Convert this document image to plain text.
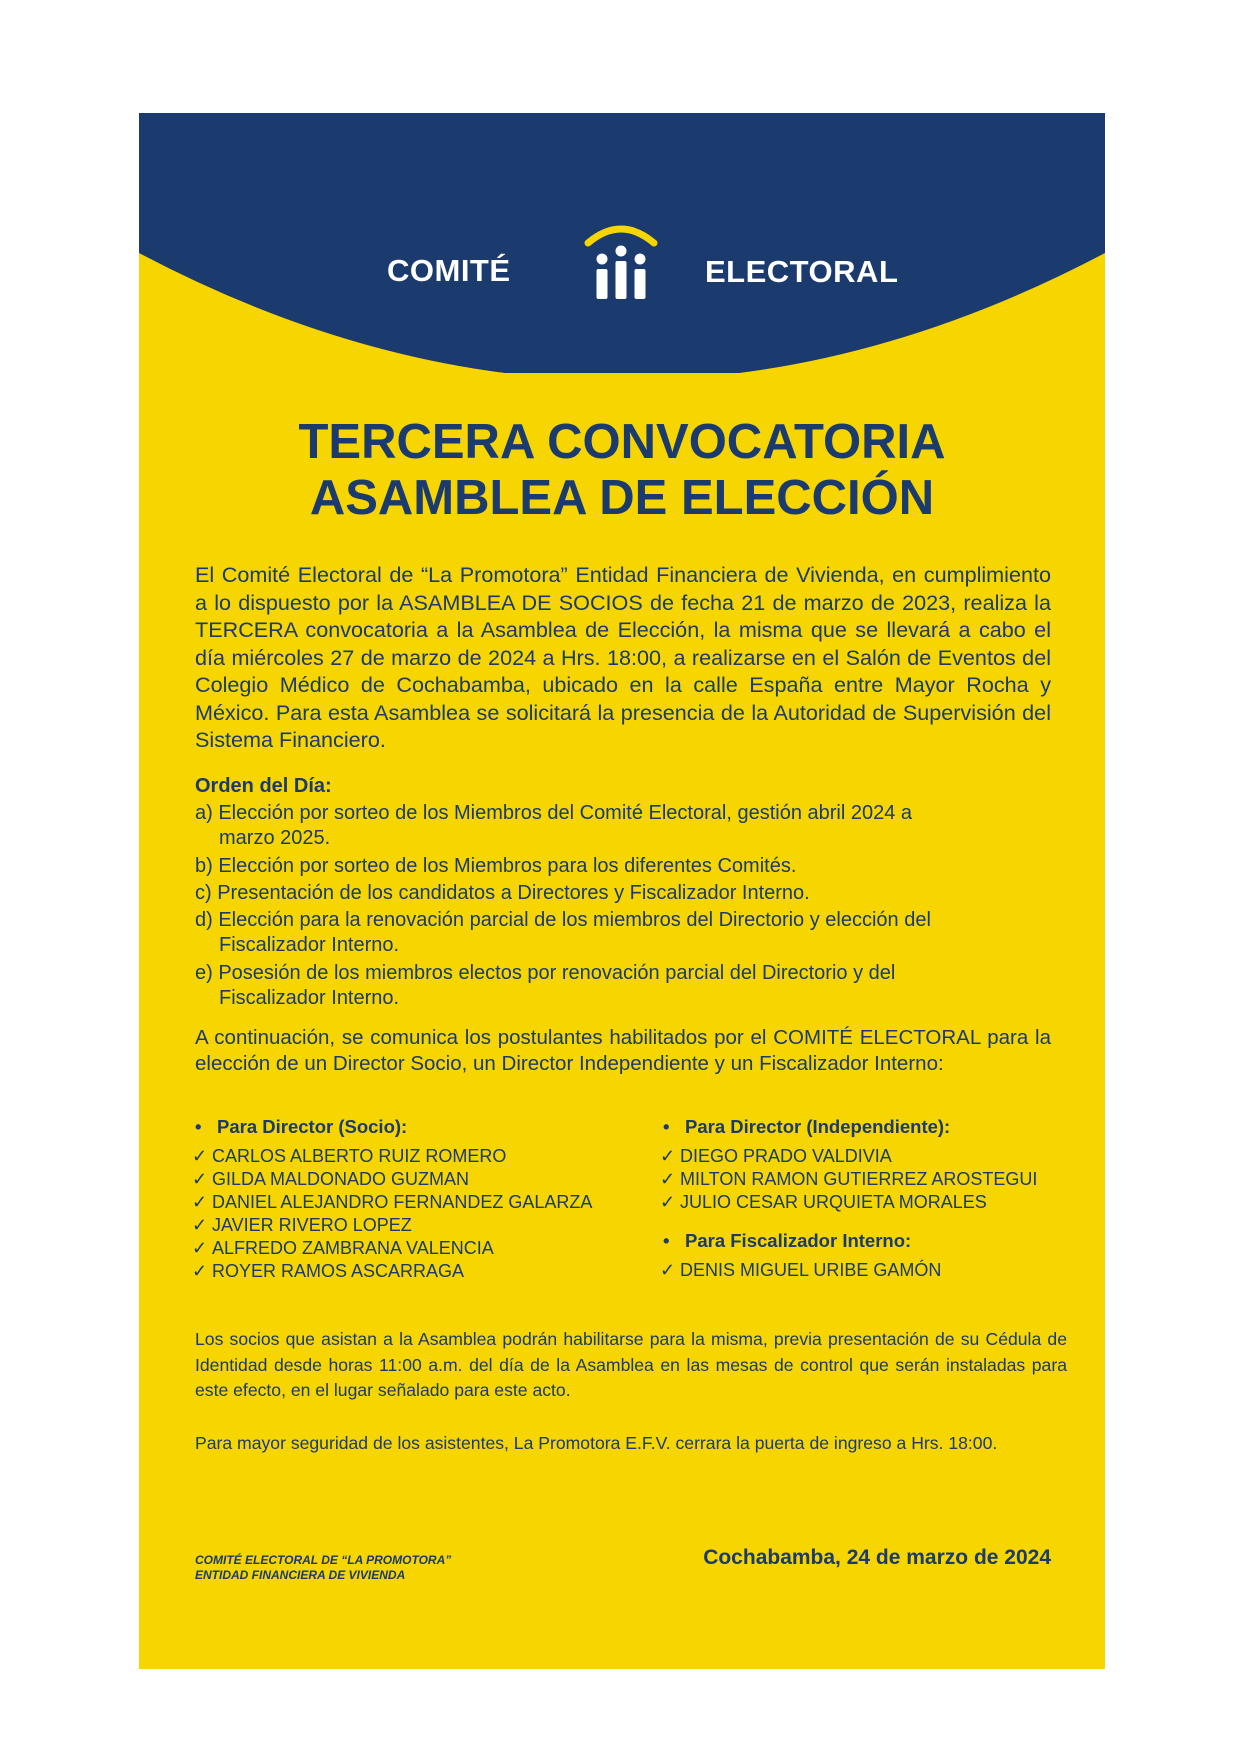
COMITÉ	ELECTORAL
TERCERA CONVOCATORIA
ASAMBLEA DE ELECCIÓN
El Comité Electoral de “La Promotora” Entidad Financiera de Vivienda, en cumplimiento a lo dispuesto por la ASAMBLEA DE SOCIOS de fecha 21 de marzo de 2023, realiza la TERCERA convocatoria a la Asamblea de Elección, la misma que se llevará a cabo el día miércoles 27 de marzo de 2024 a Hrs. 18:00, a realizarse en el Salón de Eventos del Colegio Médico de Cochabamba, ubicado en la calle España entre Mayor Rocha y México. Para esta Asamblea se solicitará la presencia de la Autoridad de Supervisión del Sistema Financiero.
Orden del Día:
a) Elección por sorteo de los Miembros del Comité Electoral, gestión abril 2024 a
marzo 2025.
b) Elección por sorteo de los Miembros para los diferentes Comités.
c) Presentación de los candidatos a Directores y Fiscalizador Interno.
d) Elección para la renovación parcial de los miembros del Directorio y elección del
Fiscalizador Interno.
e) Posesión de los miembros electos por renovación parcial del Directorio y del
Fiscalizador Interno.
A continuación, se comunica los postulantes habilitados por el COMITÉ ELECTORAL para la elección de un Director Socio, un Director Independiente y un Fiscalizador Interno:
• Para Director (Socio):
✓ CARLOS ALBERTO RUIZ ROMERO
✓ GILDA MALDONADO GUZMAN
✓ DANIEL ALEJANDRO FERNANDEZ GALARZA
✓ JAVIER RIVERO LOPEZ
✓ ALFREDO ZAMBRANA VALENCIA
✓ ROYER RAMOS ASCARRAGA
• Para Director (Independiente):
✓ DIEGO PRADO VALDIVIA
✓ MILTON RAMON GUTIERREZ AROSTEGUI
✓ JULIO CESAR URQUIETA MORALES
• Para Fiscalizador Interno:
✓ DENIS MIGUEL URIBE GAMÓN
Los socios que asistan a la Asamblea podrán habilitarse para la misma, previa presentación de su Cédula de Identidad desde horas 11:00 a.m. del día de la Asamblea en las mesas de control que serán instaladas para este efecto, en el lugar señalado para este acto.
Para mayor seguridad de los asistentes, La Promotora E.F.V. cerrara la puerta de ingreso a Hrs. 18:00.
COMITÉ ELECTORAL DE “LA PROMOTORA”
ENTIDAD FINANCIERA DE VIVIENDA
Cochabamba, 24 de marzo de 2024
